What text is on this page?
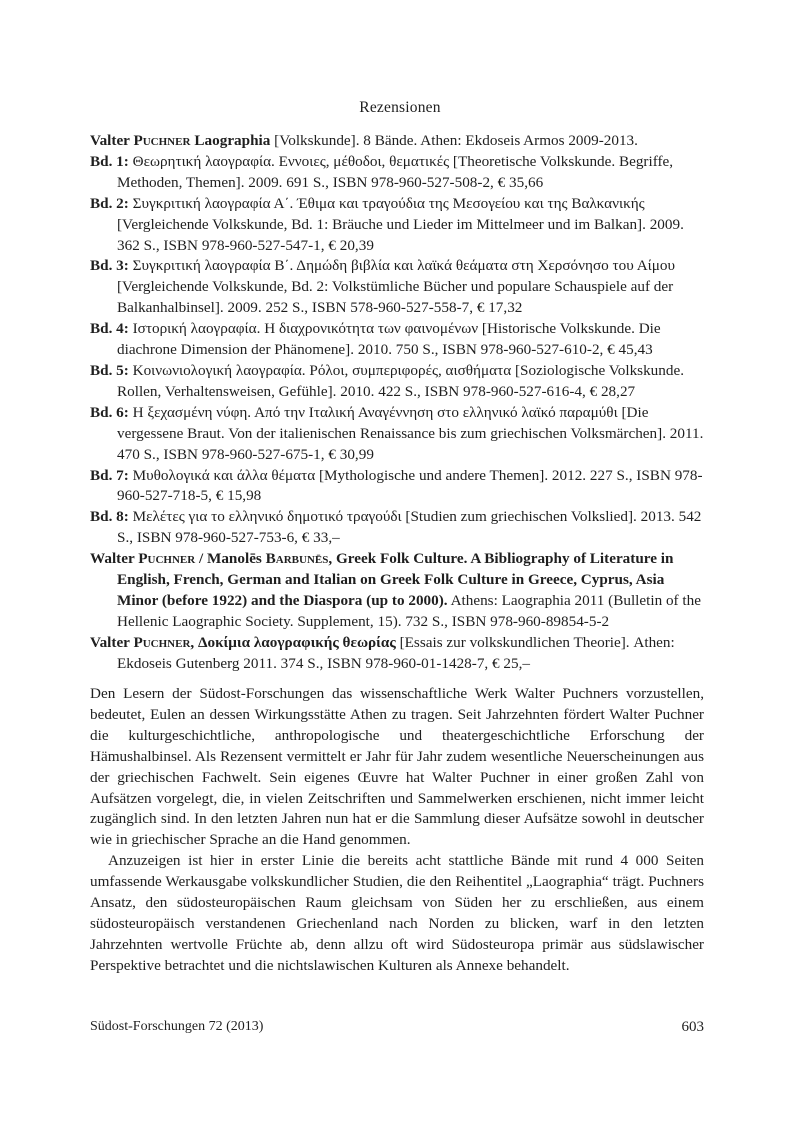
Rezensionen

Valter Puchner Laographia [Volkskunde]. 8 Bände. Athen: Ekdoseis Armos 2009-2013.

Bd. 1: Θεωρητική λαογραφία. Εννοιες, μέθοδοι, θεματικές [Theoretische Volkskunde. Begriffe, Methoden, Themen]. 2009. 691 S., ISBN 978-960-527-508-2, € 35,66

Bd. 2: Συγκριτική λαογραφία Α΄. Έθιμα και τραγούδια της Μεσογείου και της Βαλκανικής [Vergleichende Volkskunde, Bd. 1: Bräuche und Lieder im Mittelmeer und im Balkan]. 2009. 362 S., ISBN 978-960-527-547-1, € 20,39

Bd. 3: Συγκριτική λαογραφία Β΄. Δημώδη βιβλία και λαϊκά θεάματα στη Χερσόνησο του Αίμου [Vergleichende Volkskunde, Bd. 2: Volkstümliche Bücher und populare Schauspiele auf der Balkanhalbinsel]. 2009. 252 S., ISBN 578-960-527-558-7, € 17,32

Bd. 4: Ιστορική λαογραφία. Η διαχρονικότητα των φαινομένων [Historische Volkskunde. Die diachrone Dimension der Phänomene]. 2010. 750 S., ISBN 978-960-527-610-2, € 45,43

Bd. 5: Κοινωνιολογική λαογραφία. Ρόλοι, συμπεριφορές, αισθήματα [Soziologische Volkskunde. Rollen, Verhaltensweisen, Gefühle]. 2010. 422 S., ISBN 978-960-527-616-4, € 28,27

Bd. 6: Η ξεχασμένη νύφη. Από την Ιταλική Αναγέννηση στο ελληνικό λαϊκό παραμύθι [Die vergessene Braut. Von der italienischen Renaissance bis zum griechischen Volksmärchen]. 2011. 470 S., ISBN 978-960-527-675-1, € 30,99

Bd. 7: Μυθολογικά και άλλα θέματα [Mythologische und andere Themen]. 2012. 227 S., ISBN 978-960-527-718-5, € 15,98

Bd. 8: Μελέτες για το ελληνικό δημοτικό τραγούδι [Studien zum griechischen Volkslied]. 2013. 542 S., ISBN 978-960-527-753-6, € 33,–

Walter Puchner / Manolēs Barbunēs, Greek Folk Culture. A Bibliography of Literature in English, French, German and Italian on Greek Folk Culture in Greece, Cyprus, Asia Minor (before 1922) and the Diaspora (up to 2000). Athens: Laographia 2011 (Bulletin of the Hellenic Laographic Society. Supplement, 15). 732 S., ISBN 978-960-89854-5-2

Valter Puchner, Δοκίμια λαογραφικής θεωρίας [Essais zur volkskundlichen Theorie]. Athen: Ekdoseis Gutenberg 2011. 374 S., ISBN 978-960-01-1428-7, € 25,–

Den Lesern der Südost-Forschungen das wissenschaftliche Werk Walter Puchners vorzustellen, bedeutet, Eulen an dessen Wirkungsstätte Athen zu tragen. Seit Jahrzehnten fördert Walter Puchner die kulturgeschichtliche, anthropologische und theatergeschichtliche Erforschung der Hämushalbinsel. Als Rezensent vermittelt er Jahr für Jahr zudem wesentliche Neuerscheinungen aus der griechischen Fachwelt. Sein eigenes Œuvre hat Walter Puchner in einer großen Zahl von Aufsätzen vorgelegt, die, in vielen Zeitschriften und Sammelwerken erschienen, nicht immer leicht zugänglich sind. In den letzten Jahren nun hat er die Sammlung dieser Aufsätze sowohl in deutscher wie in griechischer Sprache an die Hand genommen.

Anzuzeigen ist hier in erster Linie die bereits acht stattliche Bände mit rund 4 000 Seiten umfassende Werkausgabe volkskundlicher Studien, die den Reihentitel „Laographia“ trägt. Puchners Ansatz, den südosteuropäischen Raum gleichsam von Süden her zu erschließen, aus einem südosteuropäisch verstandenen Griechenland nach Norden zu blicken, warf in den letzten Jahrzehnten wertvolle Früchte ab, denn allzu oft wird Südosteuropa primär aus südslawischer Perspektive betrachtet und die nichtslawischen Kulturen als Annexe behandelt.

Südost-Forschungen 72 (2013)	603
